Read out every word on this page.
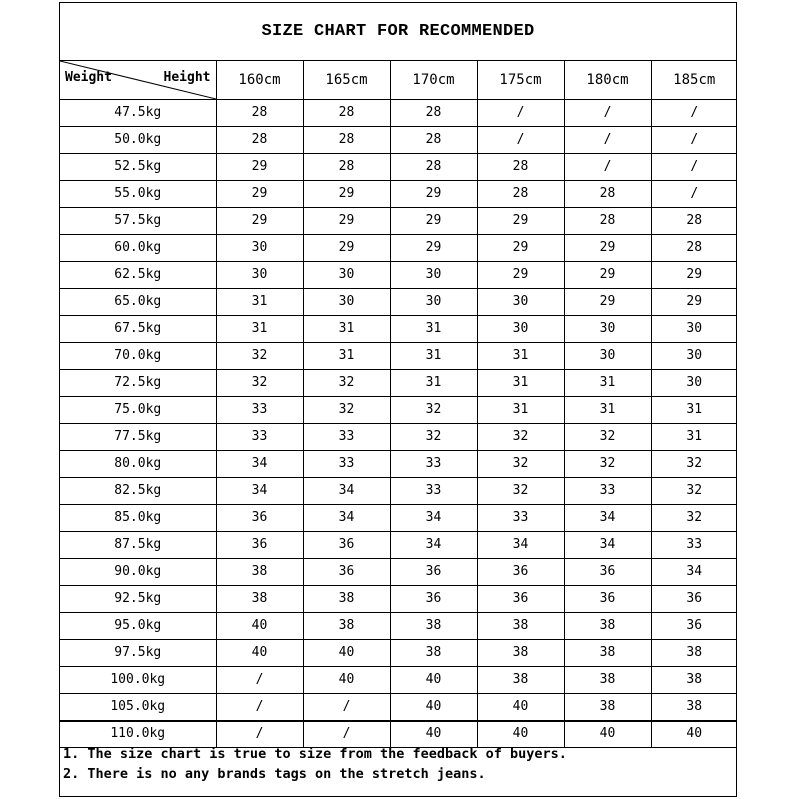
SIZE CHART FOR RECOMMENDED
Weight Height	160cm	165cm	170cm	175cm	180cm	185cm
47.5kg	28	28	28	/	/	/
50.0kg	28	28	28	/	/	/
52.5kg	29	28	28	28	/	/
55.0kg	29	29	29	28	28	/
57.5kg	29	29	29	29	28	28
60.0kg	30	29	29	29	29	28
62.5kg	30	30	30	29	29	29
65.0kg	31	30	30	30	29	29
67.5kg	31	31	31	30	30	30
70.0kg	32	31	31	31	30	30
72.5kg	32	32	31	31	31	30
75.0kg	33	32	32	31	31	31
77.5kg	33	33	32	32	32	31
80.0kg	34	33	33	32	32	32
82.5kg	34	34	33	32	33	32
85.0kg	36	34	34	33	34	32
87.5kg	36	36	34	34	34	33
90.0kg	38	36	36	36	36	34
92.5kg	38	38	36	36	36	36
95.0kg	40	38	38	38	38	36
97.5kg	40	40	38	38	38	38
100.0kg	/	40	40	38	38	38
105.0kg	/	/	40	40	38	38
110.0kg	/	/	40	40	40	40
1. The size chart is true to size from the feedback of buyers.
2. There is no any brands tags on the stretch jeans.
